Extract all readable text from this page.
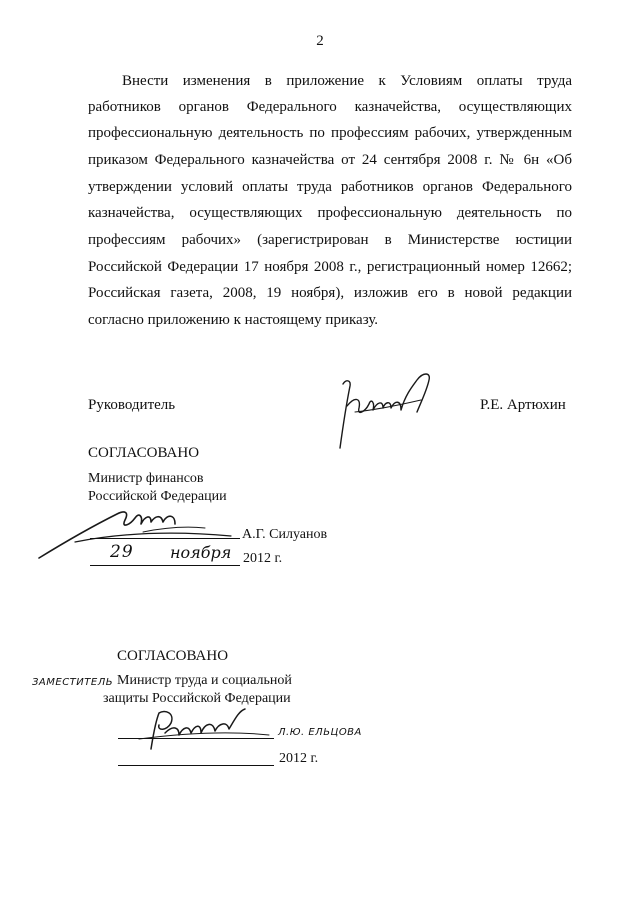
2
Внести изменения в приложение к Условиям оплаты труда
работников органов Федерального казначейства, осуществляющих
профессиональную деятельность по профессиям рабочих, утвержденным
приказом Федерального казначейства от 24 сентября 2008 г. № 6н «Об
утверждении условий оплаты труда работников органов Федерального
казначейства, осуществляющих профессиональную деятельность по
профессиям рабочих» (зарегистрирован в Министерстве юстиции
Российской Федерации 17 ноября 2008 г., регистрационный номер 12662;
Российская газета, 2008, 19 ноября), изложив его в новой редакции
согласно приложению к настоящему приказу.
Руководитель	Р.Е. Артюхин
СОГЛАСОВАНО
Министр финансов
Российской Федерации
А.Г. Силуанов
29 ноября 2012 г.
СОГЛАСОВАНО
ЗАМЕСТИТЕЛЬ Министр труда и социальной
защиты Российской Федерации
Л.Ю. ЕЛЬЦОВА
2012 г.
